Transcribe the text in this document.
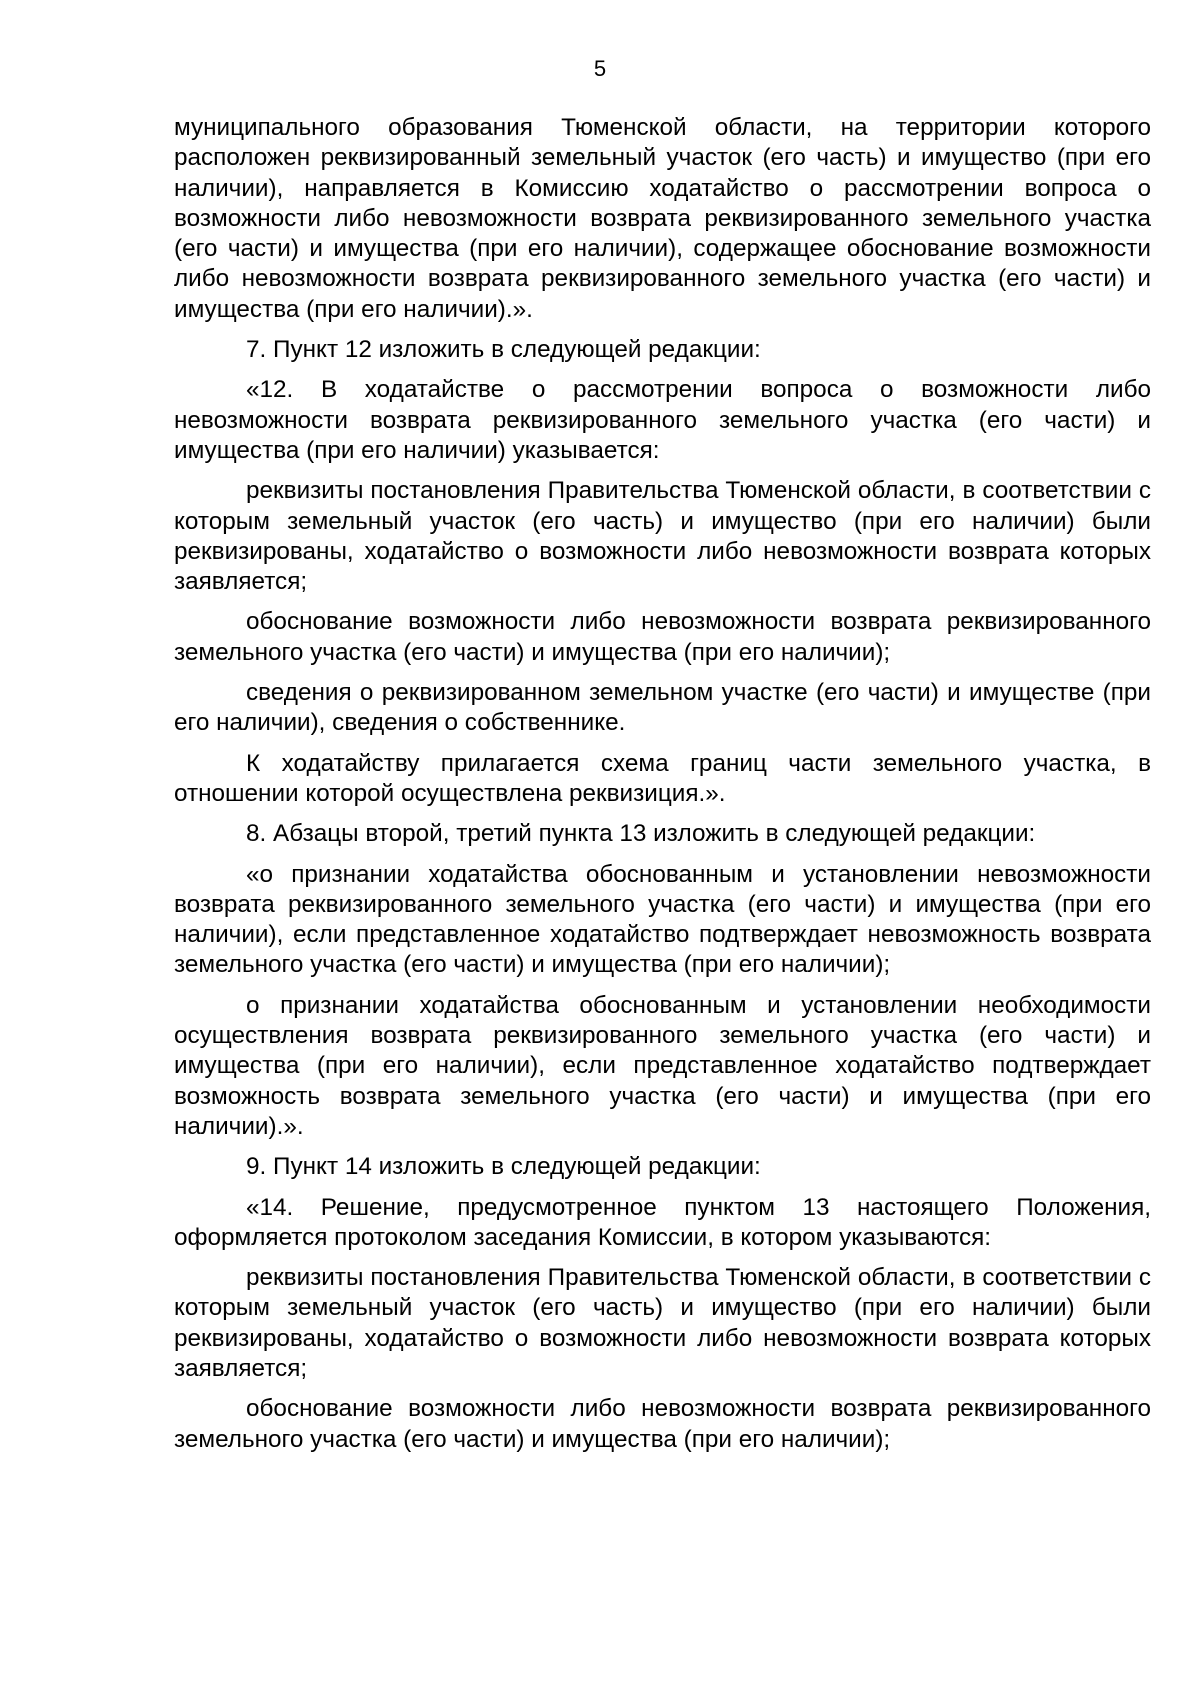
5

муниципального образования Тюменской области, на территории которого расположен реквизированный земельный участок (его часть) и имущество (при его наличии), направляется в Комиссию ходатайство о рассмотрении вопроса о возможности либо невозможности возврата реквизированного земельного участка (его части) и имущества (при его наличии), содержащее обоснование возможности либо невозможности возврата реквизированного земельного участка (его части) и имущества (при его наличии).».

7. Пункт 12 изложить в следующей редакции:

«12. В ходатайстве о рассмотрении вопроса о возможности либо невозможности возврата реквизированного земельного участка (его части) и имущества (при его наличии) указывается:

реквизиты постановления Правительства Тюменской области, в соответствии с которым земельный участок (его часть) и имущество (при его наличии) были реквизированы, ходатайство о возможности либо невозможности возврата которых заявляется;

обоснование возможности либо невозможности возврата реквизированного земельного участка (его части) и имущества (при его наличии);

сведения о реквизированном земельном участке (его части) и имуществе (при его наличии), сведения о собственнике.

К ходатайству прилагается схема границ части земельного участка, в отношении которой осуществлена реквизиция.».

8. Абзацы второй, третий пункта 13 изложить в следующей редакции:

«о признании ходатайства обоснованным и установлении невозможности возврата реквизированного земельного участка (его части) и имущества (при его наличии), если представленное ходатайство подтверждает невозможность возврата земельного участка (его части) и имущества (при его наличии);

о признании ходатайства обоснованным и установлении необходимости осуществления возврата реквизированного земельного участка (его части) и имущества (при его наличии), если представленное ходатайство подтверждает возможность возврата земельного участка (его части) и имущества (при его наличии).».

9. Пункт 14 изложить в следующей редакции:

«14. Решение, предусмотренное пунктом 13 настоящего Положения, оформляется протоколом заседания Комиссии, в котором указываются:

реквизиты постановления Правительства Тюменской области, в соответствии с которым земельный участок (его часть) и имущество (при его наличии) были реквизированы, ходатайство о возможности либо невозможности возврата которых заявляется;

обоснование возможности либо невозможности возврата реквизированного земельного участка (его части) и имущества (при его наличии);
